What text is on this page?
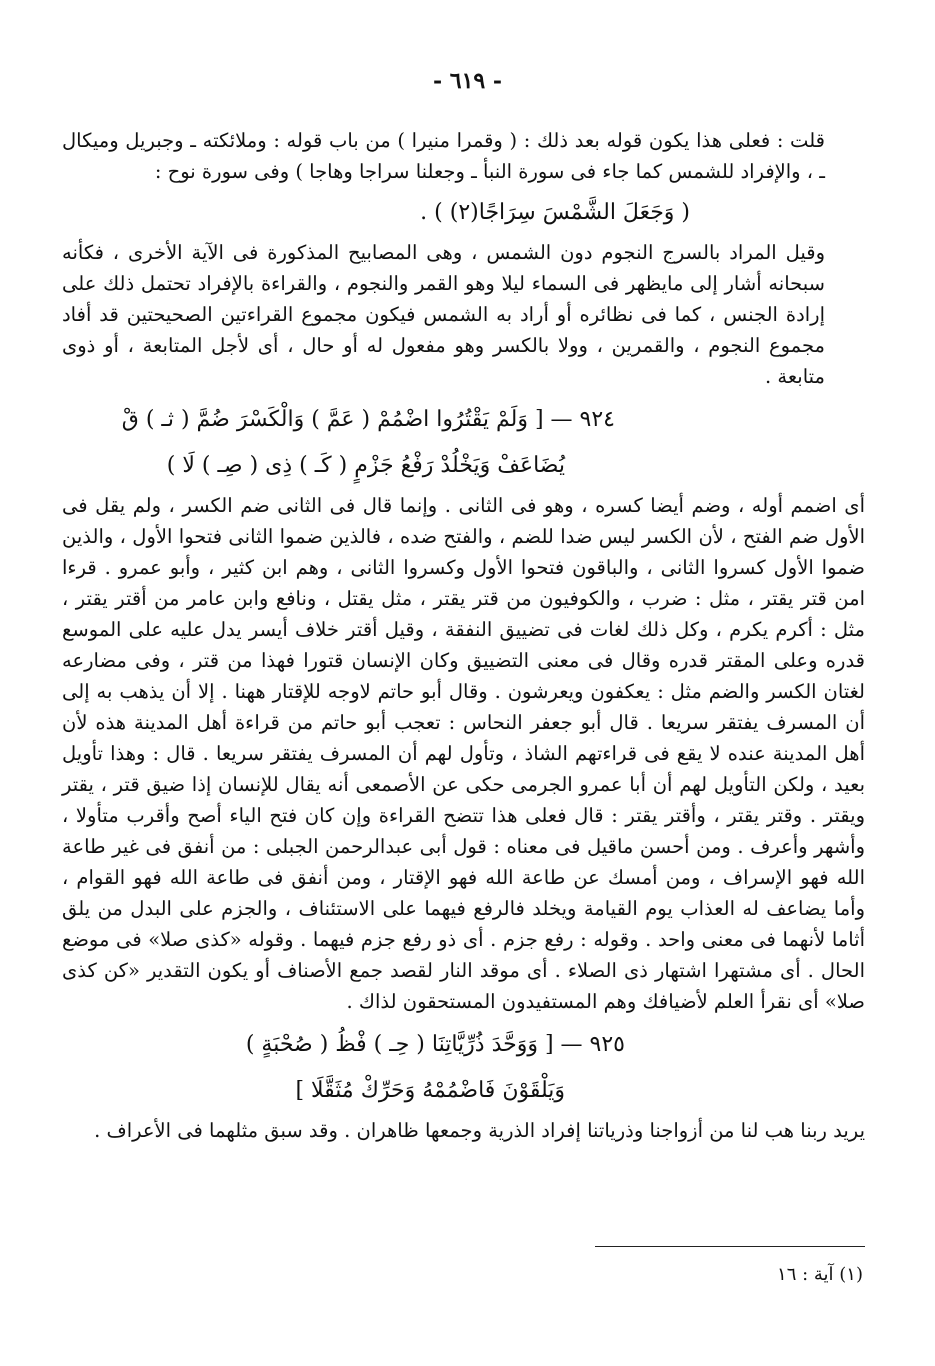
- ٦١٩ -

قلت : فعلى هذا يكون قوله بعد ذلك : ( وقمرا منيرا ) من باب قوله : وملائكته ـ وجبريل وميكال ـ ، والإفراد للشمس كما جاء فى سورة النبأ ـ وجعلنا سراجا وهاجا ) وفى سورة نوح :

( وَجَعَلَ الشَّمْسَ سِرَاجًا(٢) ) .

وقيل المراد بالسرج النجوم دون الشمس ، وهى المصابيح المذكورة فى الآية الأخرى ، فكأنه سبحانه أشار إلى مايظهر فى السماء ليلا وهو القمر والنجوم ، والقراءة بالإفراد تحتمل ذلك على إرادة الجنس ، كما فى نظائره أو أراد به الشمس فيكون مجموع القراءتين الصحيحتين قد أفاد مجموع النجوم ، والقمرين ، وولا بالكسر وهو مفعول له أو حال ، أى لأجل المتابعة ، أو ذوى متابعة .

٩٢٤ — [ وَلَمْ يَقْتُرُوا اضْمُمْ ( عَمَّ ) وَالْكَسْرَ ضُمَّ ( ثـ ) قْ

يُضَاعَفْ وَيَخْلُدْ رَفْعُ جَزْمٍ ( كَـ ) ذِى ( صِـ ) لَا )

أى اضمم أوله ، وضم أيضا كسره ، وهو فى الثانى . وإنما قال فى الثانى ضم الكسر ، ولم يقل فى الأول ضم الفتح ، لأن الكسر ليس ضدا للضم ، والفتح ضده ، فالذين ضموا الثانى فتحوا الأول ، والذين ضموا الأول كسروا الثانى ، والباقون فتحوا الأول وكسروا الثانى ، وهم ابن كثير ، وأبو عمرو . قرءا امن قتر يقتر ، مثل : ضرب ، والكوفيون من قتر يقتر ، مثل يقتل ، ونافع وابن عامر من أقتر يقتر ، مثل : أكرم يكرم ، وكل ذلك لغات فى تضييق النفقة ، وقيل أقتر خلاف أيسر يدل عليه على الموسع قدره وعلى المقتر قدره وقال فى معنى التضييق وكان الإنسان قتورا فهذا من قتر ، وفى مضارعه لغتان الكسر والضم مثل : يعكفون ويعرشون . وقال أبو حاتم لاوجه للإقتار ههنا . إلا أن يذهب به إلى أن المسرف يفتقر سريعا . قال أبو جعفر النحاس : تعجب أبو حاتم من قراءة أهل المدينة هذه لأن أهل المدينة عنده لا يقع فى قراءتهم الشاذ ، وتأول لهم أن المسرف يفتقر سريعا . قال : وهذا تأويل بعيد ، ولكن التأويل لهم أن أبا عمرو الجرمى حكى عن الأصمعى أنه يقال للإنسان إذا ضيق قتر ، يقتر ويقتر . وقتر يقتر ، وأقتر يقتر : قال فعلى هذا تتضح القراءة وإن كان فتح الياء أصح وأقرب متأولا ، وأشهر وأعرف . ومن أحسن ماقيل فى معناه : قول أبى عبدالرحمن الجبلى : من أنفق فى غير طاعة الله فهو الإسراف ، ومن أمسك عن طاعة الله فهو الإقتار ، ومن أنفق فى طاعة الله فهو القوام ، وأما يضاعف له العذاب يوم القيامة ويخلد فالرفع فيهما على الاستئناف ، والجزم على البدل من يلق أثاما لأنهما فى معنى واحد . وقوله : رفع جزم . أى ذو رفع جزم فيهما . وقوله «كذى صلا» فى موضع الحال . أى مشتهرا اشتهار ذى الصلاء . أى موقد النار لقصد جمع الأصناف أو يكون التقدير «كن كذى صلا» أى نقرأ العلم لأضيافك وهم المستفيدون المستحقون لذاك .

٩٢٥ — [ وَوَحَّدَ ذُرِّيَّاتِنَا ( حِـ ) فْظُ ( صُحْبَةٍ )

وَيَلْقَوْنَ فَاضْمُمْهُ وَحَرِّكْ مُثَقَّلَا ]

يريد ربنا هب لنا من أزواجنا وذرياتنا إفراد الذرية وجمعها ظاهران . وقد سبق مثلهما فى الأعراف .

(١) آية : ١٦
